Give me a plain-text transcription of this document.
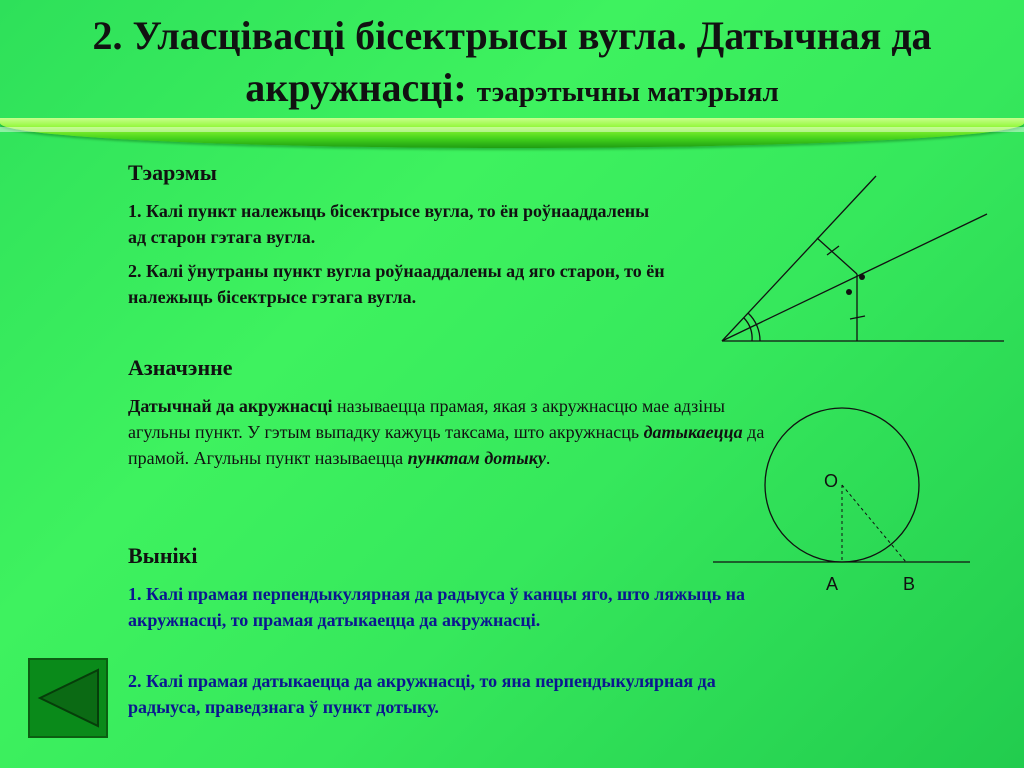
2. Уласцівасці бісектрысы вугла. Датычная да
акружнасці: тэарэтычны матэрыял
Тэарэмы
1. Калі пункт належыць бісектрысе вугла, то ён роўнааддалены ад старон гэтага вугла.
2. Калі ўнутраны пункт вугла роўнааддалены ад яго старон, то ён належыць бісектрысе гэтага вугла.
Азначэнне
Датычнай да акружнасці называецца прамая, якая з акружнасцю мае адзіны агульны пункт. У гэтым выпадку кажуць таксама, што акружнасць датыкаецца да прамой. Агульны пункт называецца пунктам дотыку.
Вынікі
1. Калі прамая перпендыкулярная да радыуса ў канцы яго, што ляжыць на акружнасці, то прамая датыкаецца да акружнасці.
2. Калі прамая датыкаецца да акружнасці, то яна перпендыкулярная да радыуса, праведзнага ў пункт дотыку.
O
A	B
